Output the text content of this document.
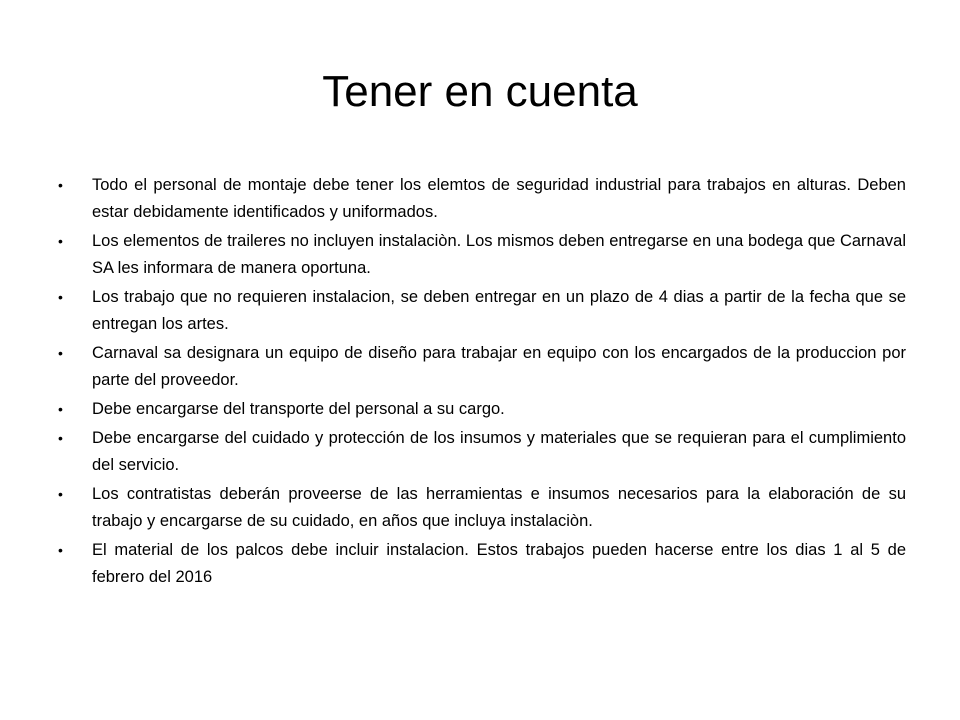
Tener en cuenta
• Todo el personal de montaje debe tener los elemtos de seguridad industrial para trabajos en alturas. Deben estar debidamente identificados y uniformados.
• Los elementos de traileres no incluyen instalaciòn. Los mismos deben entregarse en una bodega que Carnaval SA les informara de manera oportuna.
• Los trabajo que no requieren instalacion, se deben entregar en un plazo de 4 dias a partir de la fecha que se entregan los artes.
• Carnaval sa designara un equipo de diseño para trabajar en equipo con los encargados de la produccion por parte del proveedor.
• Debe encargarse del transporte del personal a su cargo.
• Debe encargarse del cuidado y protección de los insumos y materiales que se requieran para el cumplimiento del servicio.
• Los contratistas deberán proveerse de las herramientas e insumos necesarios para la elaboración de su trabajo y encargarse de su cuidado, en años que incluya instalaciòn.
• El material de los palcos debe incluir instalacion. Estos trabajos pueden hacerse entre los dias 1 al 5 de febrero del 2016
